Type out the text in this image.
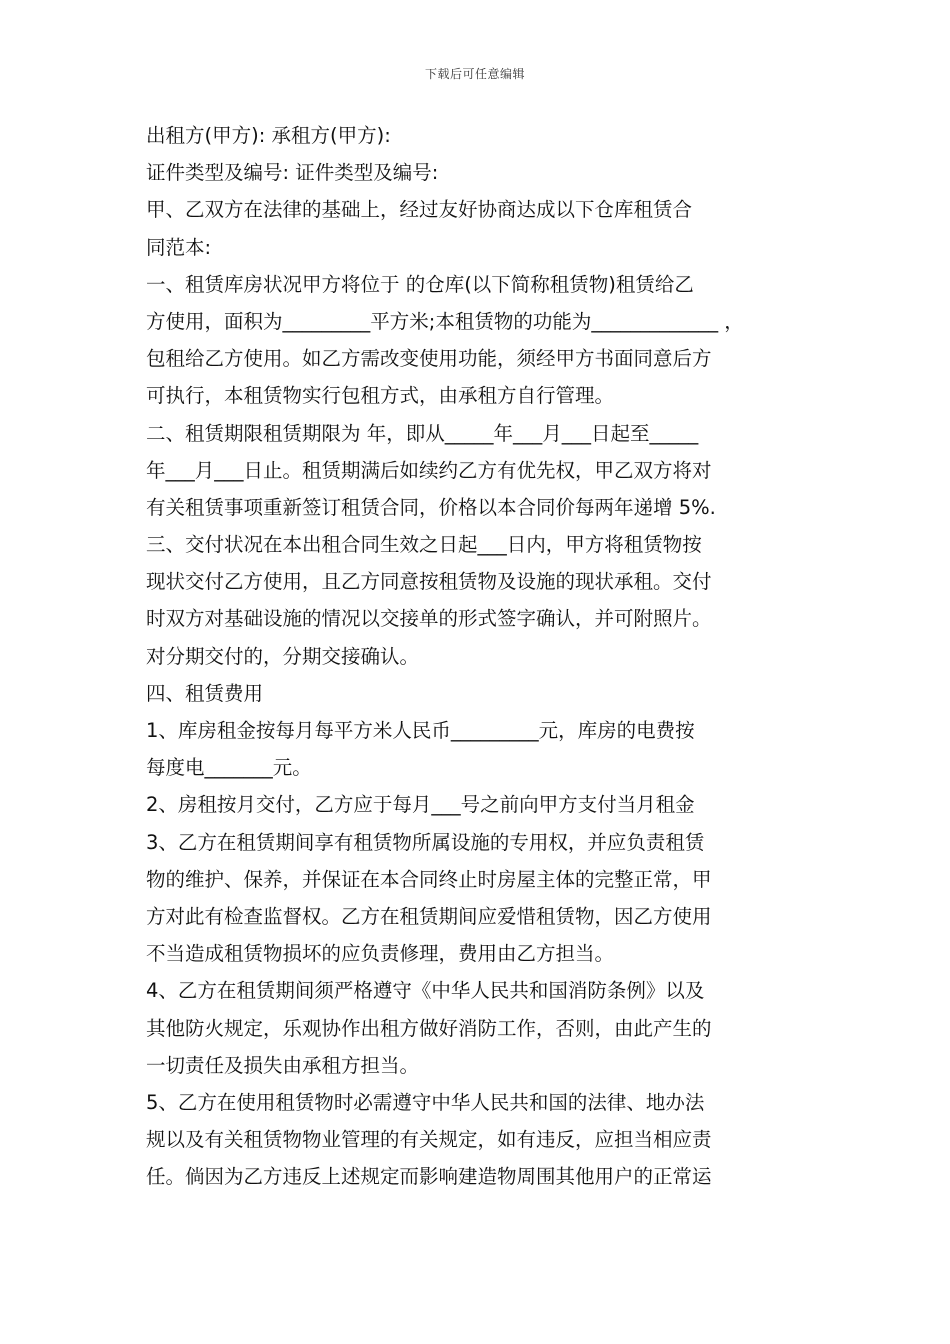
下载后可任意编辑
出租方(甲方): 承租方(甲方):
证件类型及编号: 证件类型及编号:
甲、乙双方在法律的基础上，经过友好协商达成以下仓库租赁合
同范本:
一、租赁库房状况甲方将位于 的仓库(以下简称租赁物)租赁给乙
方使用，面积为_________平方米;本租赁物的功能为_____________ ，
包租给乙方使用。如乙方需改变使用功能，须经甲方书面同意后方
可执行，本租赁物实行包租方式，由承租方自行管理。
二、租赁期限租赁期限为 年，即从_____年___月___日起至_____
年___月___日止。租赁期满后如续约乙方有优先权，甲乙双方将对
有关租赁事项重新签订租赁合同，价格以本合同价每两年递增 5%.
三、交付状况在本出租合同生效之日起___日内，甲方将租赁物按
现状交付乙方使用，且乙方同意按租赁物及设施的现状承租。交付
时双方对基础设施的情况以交接单的形式签字确认，并可附照片。
对分期交付的，分期交接确认。
四、租赁费用
1、库房租金按每月每平方米人民币_________元，库房的电费按
每度电_______元。
2、房租按月交付，乙方应于每月___号之前向甲方支付当月租金
3、乙方在租赁期间享有租赁物所属设施的专用权，并应负责租赁
物的维护、保养，并保证在本合同终止时房屋主体的完整正常，甲
方对此有检查监督权。乙方在租赁期间应爱惜租赁物，因乙方使用
不当造成租赁物损坏的应负责修理，费用由乙方担当。
4、乙方在租赁期间须严格遵守《中华人民共和国消防条例》以及
其他防火规定，乐观协作出租方做好消防工作，否则，由此产生的
一切责任及损失由承租方担当。
5、乙方在使用租赁物时必需遵守中华人民共和国的法律、地办法
规以及有关租赁物物业管理的有关规定，如有违反，应担当相应责
任。倘因为乙方违反上述规定而影响建造物周围其他用户的正常运
